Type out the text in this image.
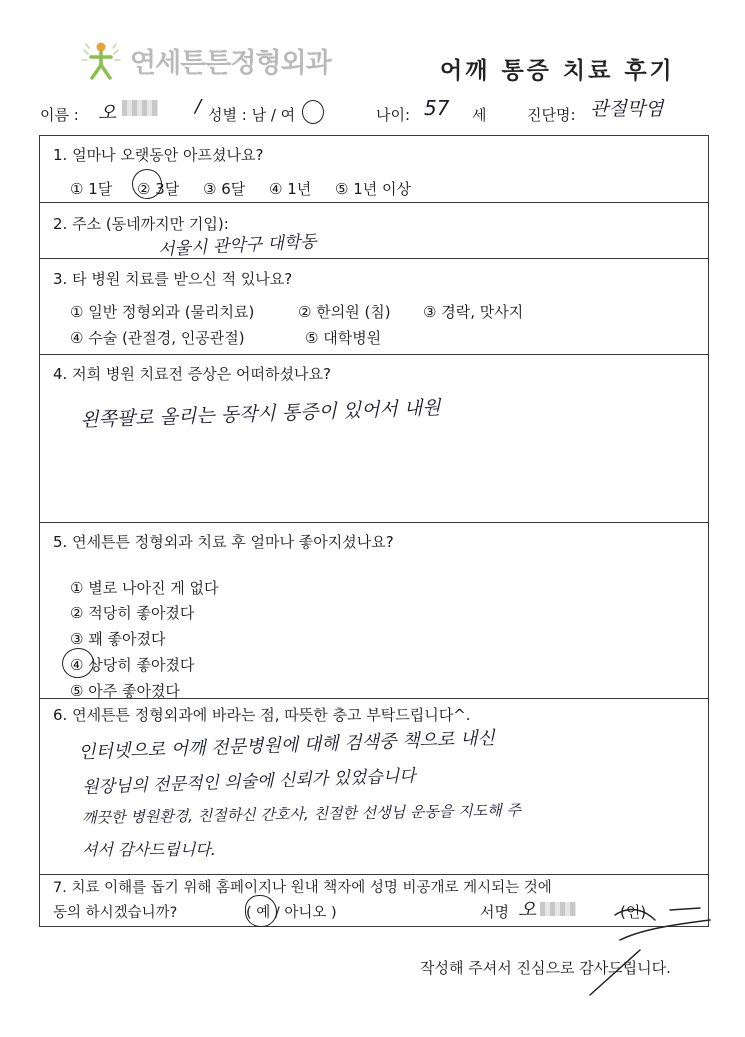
연세튼튼정형외과	어깨 통증 치료 후기
이름 : 오	/ 성별 : 남 / 여	나이: 57 세	진단명: 관절막염
1. 얼마나 오랫동안 아프셨나요?
① 1달 ② 3달 ③ 6달 ④ 1년 ⑤ 1년 이상
2. 주소 (동네까지만 기입):
서울시 관악구 대학동
3. 타 병원 치료를 받으신 적 있나요?
① 일반 정형외과 (물리치료)	② 한의원 (침) ③ 경락, 맛사지
④ 수술 (관절경, 인공관절)	⑤ 대학병원
4. 저희 병원 치료전 증상은 어떠하셨나요?
왼쪽팔로 올리는 동작시 통증이 있어서 내원
5. 연세튼튼 정형외과 치료 후 얼마나 좋아지셨나요?
① 별로 나아진 게 없다
② 적당히 좋아졌다
③ 꽤 좋아졌다
④ 상당히 좋아졌다
⑤ 아주 좋아졌다
6. 연세튼튼 정형외과에 바라는 점, 따뜻한 충고 부탁드립니다^.
인터넷으로 어깨 전문병원에 대해 검색중 책으로 내신
원장님의 전문적인 의술에 신뢰가 있었습니다
깨끗한 병원환경, 친절하신 간호사, 친절한 선생님 운동을 지도해 주
셔서 감사드립니다.
7. 치료 이해를 돕기 위해 홈페이지나 원내 책자에 성명 비공개로 게시되는 것에
동의 하시겠습니까?	( 예 / 아니오 )	서명 오	(인)
작성해 주셔서 진심으로 감사드립니다.
